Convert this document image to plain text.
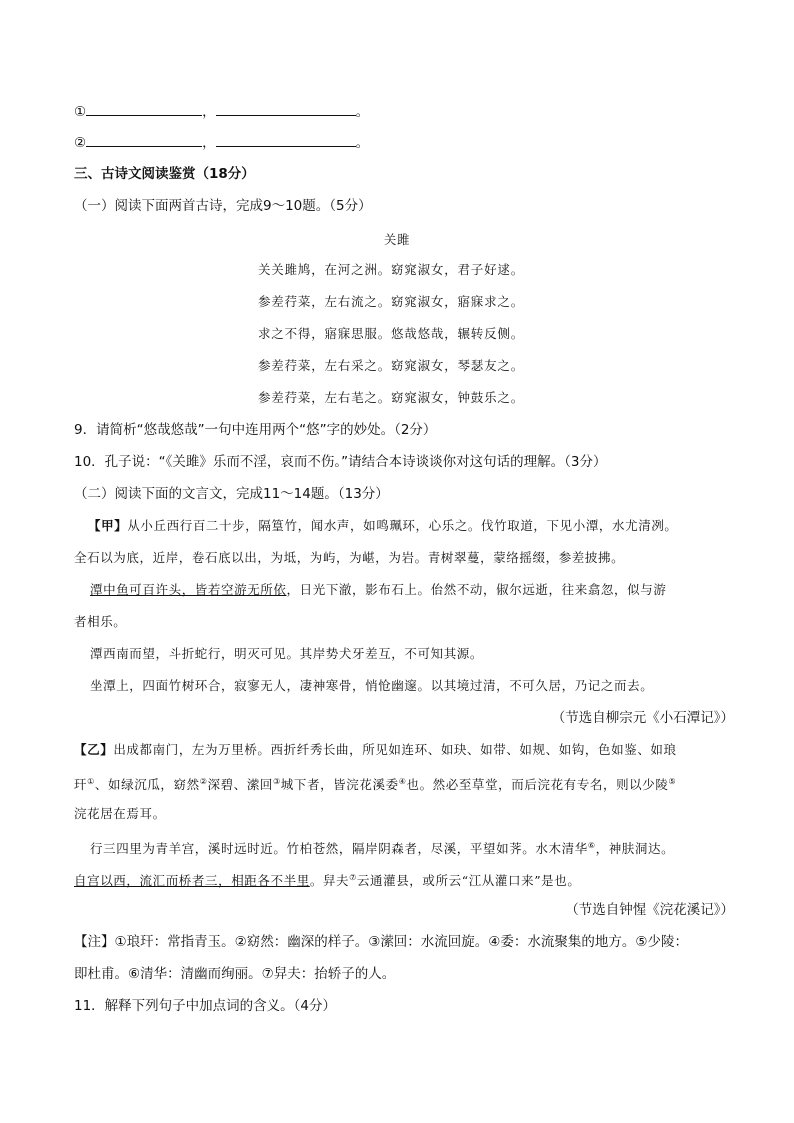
①	，	。
②	，	。
三、古诗文阅读鉴赏（18分）
（一）阅读下面两首古诗，完成9～10题。（5分）
关雎
关关雎鸠，在河之洲。窈窕淑女，君子好逑。
参差荇菜，左右流之。窈窕淑女，寤寐求之。
求之不得，寤寐思服。悠哉悠哉，辗转反侧。
参差荇菜，左右采之。窈窕淑女，琴瑟友之。
参差荇菜，左右芼之。窈窕淑女，钟鼓乐之。
9．请简析“悠哉悠哉”一句中连用两个“悠”字的妙处。（2分）
10．孔子说：“《关雎》乐而不淫，哀而不伤。”请结合本诗谈谈你对这句话的理解。（3分）
（二）阅读下面的文言文，完成11～14题。（13分）
【甲】从小丘西行百二十步，隔篁竹，闻水声，如鸣珮环，心乐之。伐竹取道，下见小潭，水尤清冽。
全石以为底，近岸，卷石底以出，为坻，为屿，为嵁，为岩。青树翠蔓，蒙络摇缀，参差披拂。
潭中鱼可百许头，皆若空游无所依，日光下澈，影布石上。佁然不动，俶尔远逝，往来翕忽，似与游
者相乐。
潭西南而望，斗折蛇行，明灭可见。其岸势犬牙差互，不可知其源。
坐潭上，四面竹树环合，寂寥无人，凄神寒骨，悄怆幽邃。以其境过清，不可久居，乃记之而去。
（节选自柳宗元《小石潭记》）
【乙】出成都南门，左为万里桥。西折纤秀长曲，所见如连环、如玦、如带、如规、如钩，色如鉴、如琅
玕①、如绿沉瓜，窈然②深碧、潆回③城下者，皆浣花溪委④也。然必至草堂，而后浣花有专名，则以少陵⑤
浣花居在焉耳。
行三四里为青羊宫，溪时远时近。竹柏苍然，隔岸阴森者，尽溪，平望如荠。水木清华⑥，神肤洞达。
自宫以西，流汇而桥者三，相距各不半里。舁夫⑦云通灌县，或所云“江从灌口来”是也。
（节选自钟惺《浣花溪记》）
【注】①琅玕：常指青玉。②窈然：幽深的样子。③潆回：水流回旋。④委：水流聚集的地方。⑤少陵：
即杜甫。⑥清华：清幽而绚丽。⑦舁夫：抬轿子的人。
11．解释下列句子中加点词的含义。（4分）
